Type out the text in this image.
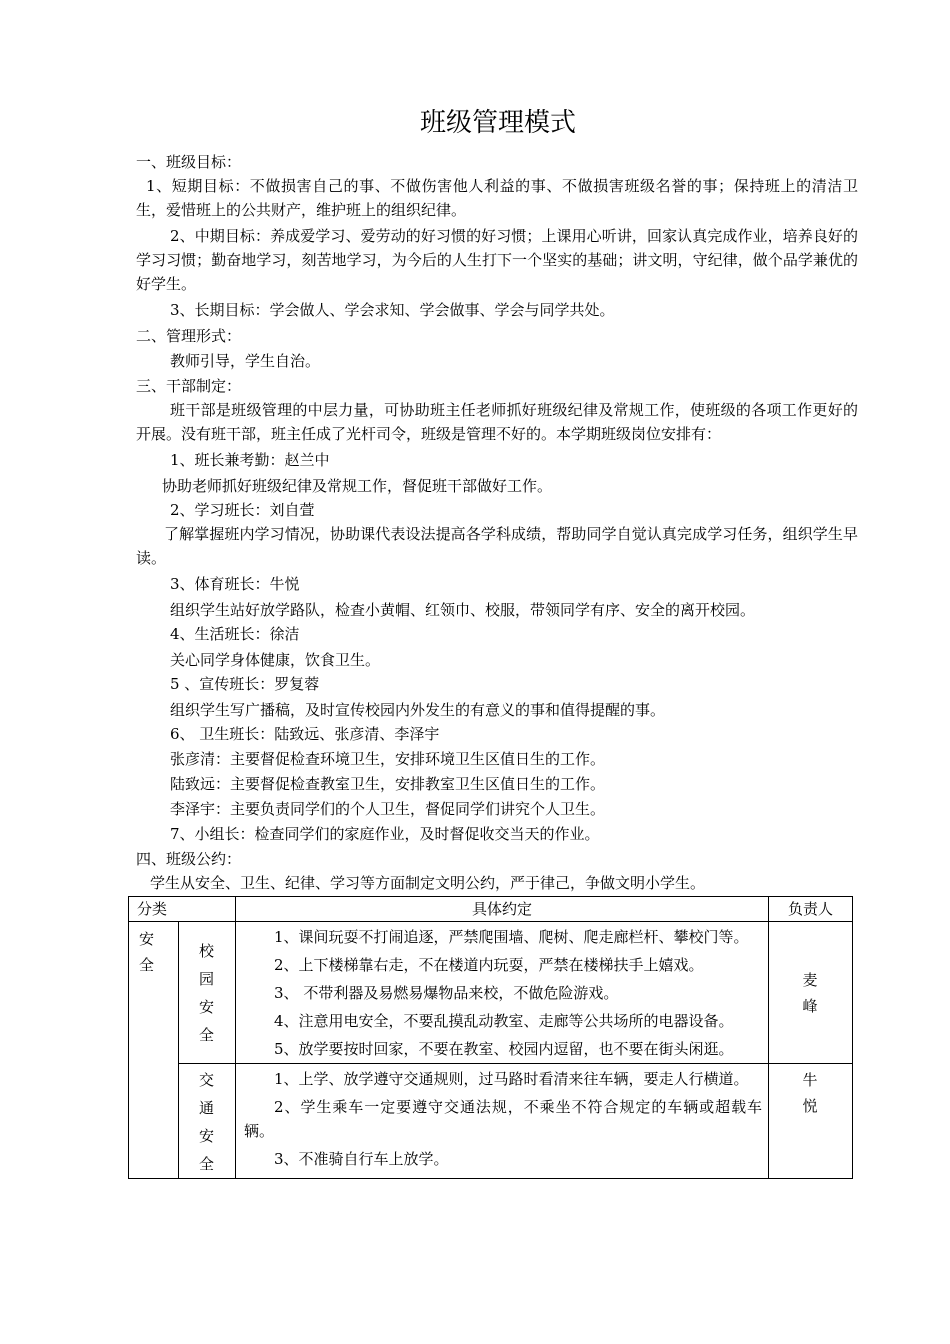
班级管理模式
一、班级目标：
1、短期目标：不做损害自己的事、不做伤害他人利益的事、不做损害班级名誉的事；保持班上的清洁卫生，爱惜班上的公共财产，维护班上的组织纪律。
2、中期目标：养成爱学习、爱劳动的好习惯的好习惯；上课用心听讲，回家认真完成作业，培养良好的学习习惯；勤奋地学习，刻苦地学习，为今后的人生打下一个坚实的基础；讲文明，守纪律，做个品学兼优的好学生。
3、长期目标：学会做人、学会求知、学会做事、学会与同学共处。
二、管理形式：
教师引导，学生自治。
三、干部制定：
班干部是班级管理的中层力量，可协助班主任老师抓好班级纪律及常规工作，使班级的各项工作更好的开展。没有班干部，班主任成了光杆司令，班级是管理不好的。本学期班级岗位安排有：
1、班长兼考勤：赵兰中
协助老师抓好班级纪律及常规工作，督促班干部做好工作。
2、学习班长：刘自萱
了解掌握班内学习情况，协助课代表设法提高各学科成绩，帮助同学自觉认真完成学习任务，组织学生早读。
3、体育班长：牛悦
组织学生站好放学路队，检查小黄帽、红领巾、校服，带领同学有序、安全的离开校园。
4、生活班长：徐洁
关心同学身体健康，饮食卫生。
5 、宣传班长：罗复蓉
组织学生写广播稿，及时宣传校园内外发生的有意义的事和值得提醒的事。
6、 卫生班长：陆致远、张彦清、李泽宇
张彦清：主要督促检查环境卫生，安排环境卫生区值日生的工作。
陆致远：主要督促检查教室卫生，安排教室卫生区值日生的工作。
李泽宇：主要负责同学们的个人卫生，督促同学们讲究个人卫生。
7、小组长：检查同学们的家庭作业，及时督促收交当天的作业。
四、班级公约：
学生从安全、卫生、纪律、学习等方面制定文明公约，严于律己，争做文明小学生。
分类		具体约定	负责人

安全	校园安全	1、课间玩耍不打闹追逐，严禁爬围墙、爬树、爬走廊栏杆、攀校门等。

2、上下楼梯靠右走，不在楼道内玩耍，严禁在楼梯扶手上嬉戏。

3、 不带利器及易燃易爆物品来校，不做危险游戏。

4、注意用电安全，不要乱摸乱动教室、走廊等公共场所的电器设备。

5、放学要按时回家，不要在教室、校园内逗留，也不要在街头闲逛。	麦峰

	交通安全	1、上学、放学遵守交通规则，过马路时看清来往车辆，要走人行横道。

2、学生乘车一定要遵守交通法规，不乘坐不符合规定的车辆或超载车辆。

3、不准骑自行车上放学。	牛悦
